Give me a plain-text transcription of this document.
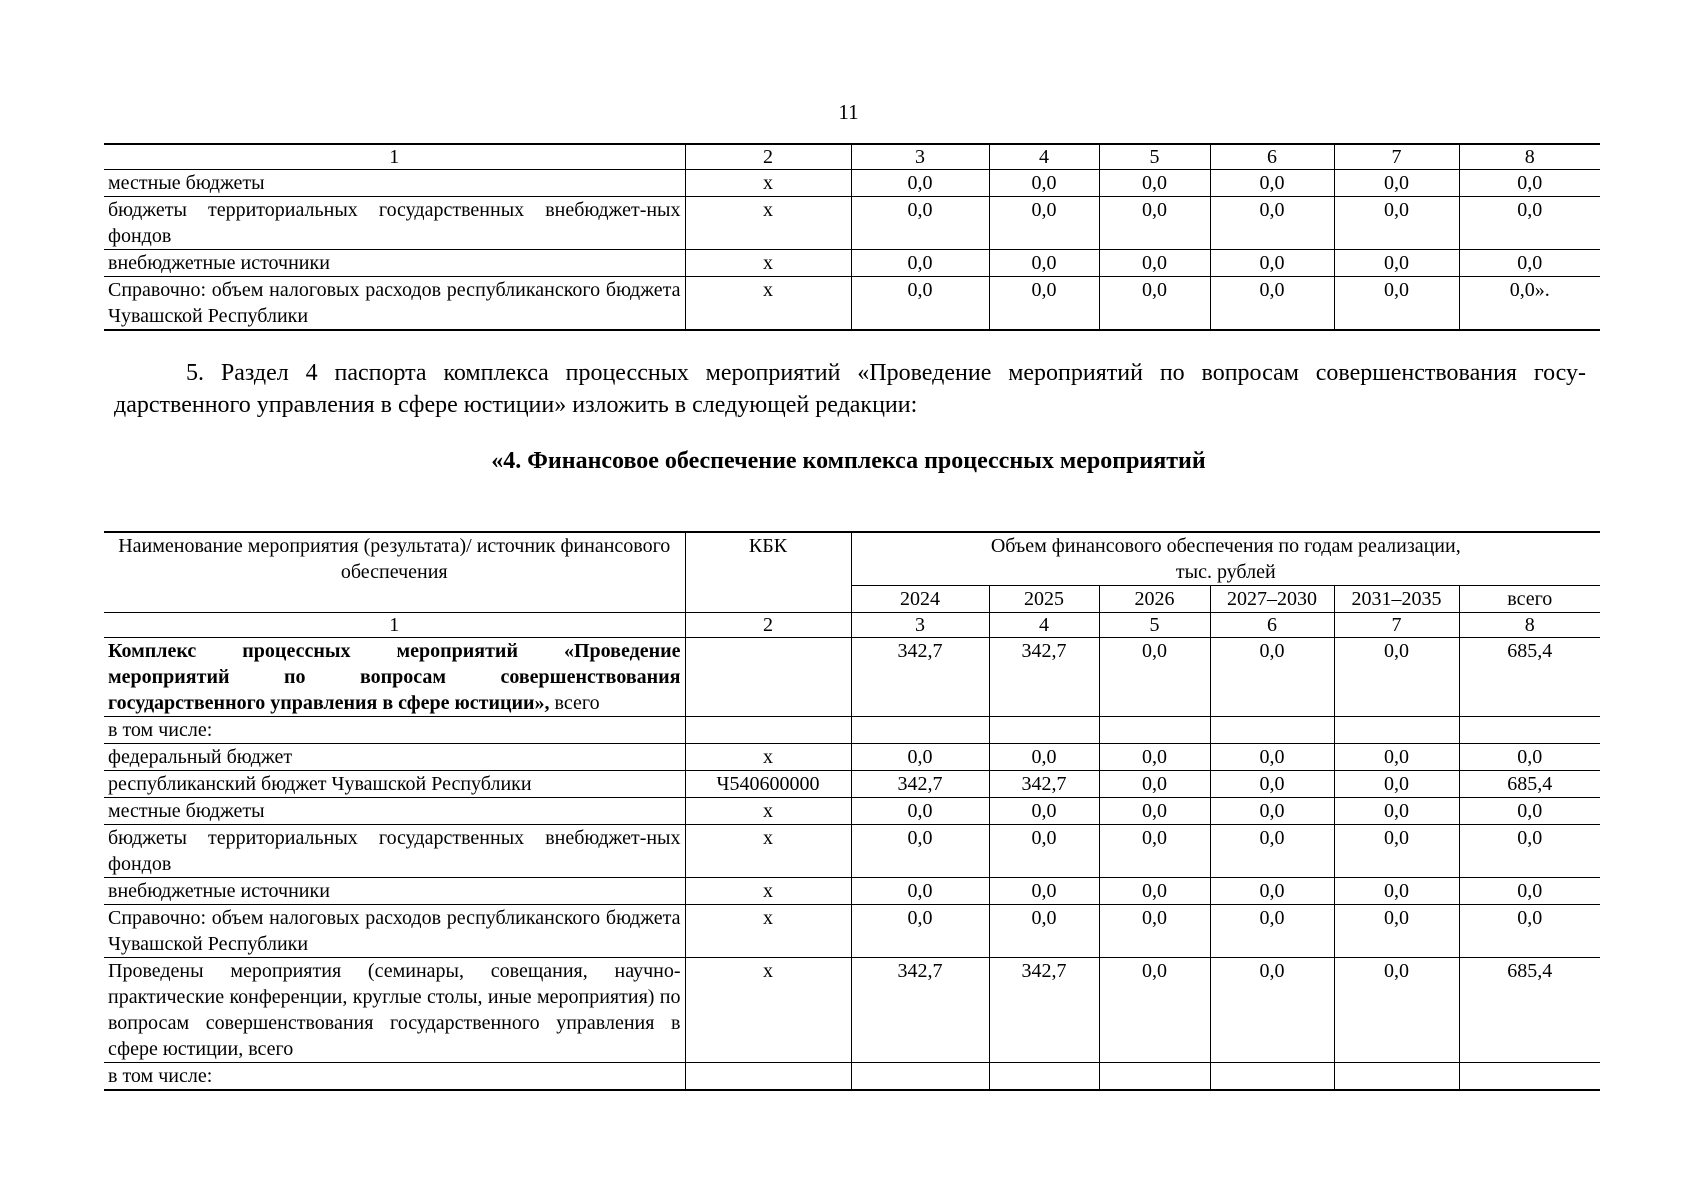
11
1	2	3	4	5	6	7	8
местные бюджеты	х	0,0	0,0	0,0	0,0	0,0	0,0
бюджеты территориальных государственных внебюджет-ных фондов	х	0,0	0,0	0,0	0,0	0,0	0,0
внебюджетные источники	х	0,0	0,0	0,0	0,0	0,0	0,0
Справочно: объем налоговых расходов республиканского бюджета Чувашской Республики	х	0,0	0,0	0,0	0,0	0,0	0,0».
5. Раздел 4 паспорта комплекса процессных мероприятий «Проведение мероприятий по вопросам совершенствования госу-дарственного управления в сфере юстиции» изложить в следующей редакции:
«4. Финансовое обеспечение комплекса процессных мероприятий
Наименование мероприятия (результата)/ источник финансового обеспечения	КБК	Объем финансового обеспечения по годам реализации, тыс. рублей					
		2024	2025	2026	2027–2030	2031–2035	всего
1	2	3	4	5	6	7	8
Комплекс процессных мероприятий «Проведение мероприятий по вопросам совершенствования государственного управления в сфере юстиции», всего		342,7	342,7	0,0	0,0	0,0	685,4
в том числе:							
федеральный бюджет	х	0,0	0,0	0,0	0,0	0,0	0,0
республиканский бюджет Чувашской Республики	Ч540600000	342,7	342,7	0,0	0,0	0,0	685,4
местные бюджеты	х	0,0	0,0	0,0	0,0	0,0	0,0
бюджеты территориальных государственных внебюджет-ных фондов	х	0,0	0,0	0,0	0,0	0,0	0,0
внебюджетные источники	х	0,0	0,0	0,0	0,0	0,0	0,0
Справочно: объем налоговых расходов республиканского бюджета Чувашской Республики	х	0,0	0,0	0,0	0,0	0,0	0,0
Проведены мероприятия (семинары, совещания, научно-практические конференции, круглые столы, иные мероприятия) по вопросам совершенствования государственного управления в сфере юстиции, всего	х	342,7	342,7	0,0	0,0	0,0	685,4
в том числе:							
